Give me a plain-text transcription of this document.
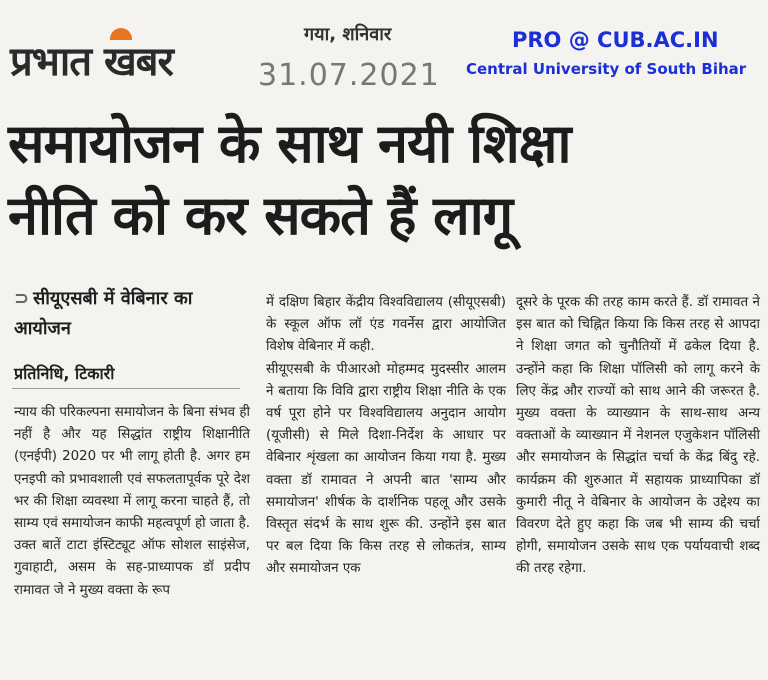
प्रभात खबर
गया, शनिवार
31.07.2021
PRO @ CUB.AC.IN
Central University of South Bihar
समायोजन के साथ नयी शिक्षा
नीति को कर सकते हैं लागू
⊃ सीयूएसबी में वेबिनार का आयोजन
प्रतिनिधि, टिकारी
न्याय की परिकल्पना समायोजन के बिना संभव ही नहीं है और यह सिद्धांत राष्ट्रीय शिक्षानीति (एनईपी) 2020 पर भी लागू होती है. अगर हम एनइपी को प्रभावशाली एवं सफलतापूर्वक पूरे देश भर की शिक्षा व्यवस्था में लागू करना चाहते हैं, तो साम्य एवं समायोजन काफी महत्वपूर्ण हो जाता है. उक्त बातें टाटा इंस्टिट्यूट ऑफ सोशल साइंसेज, गुवाहाटी, असम के सह-प्राध्यापक डॉ प्रदीप रामावत जे ने मुख्य वक्ता के रूप
में दक्षिण बिहार केंद्रीय विश्वविद्यालय (सीयूएसबी) के स्कूल ऑफ लॉ एंड गवर्नेस द्वारा आयोजित विशेष वेबिनार में कही.
सीयूएसबी के पीआरओ मोहम्मद मुदस्सीर आलम ने बताया कि विवि द्वारा राष्ट्रीय शिक्षा नीति के एक वर्ष पूरा होने पर विश्वविद्यालय अनुदान आयोग (यूजीसी) से मिले दिशा-निर्देश के आधार पर वेबिनार शृंखला का आयोजन किया गया है. मुख्य वक्ता डॉ रामावत ने अपनी बात 'साम्य और समायोजन' शीर्षक के दार्शनिक पहलू और उसके विस्तृत संदर्भ के साथ शुरू की. उन्होंने इस बात पर बल दिया कि किस तरह से लोकतंत्र, साम्य और समायोजन एक
दूसरे के पूरक की तरह काम करते हैं. डॉ रामावत ने इस बात को चिह्नित किया कि किस तरह से आपदा ने शिक्षा जगत को चुनौतियों में ढकेल दिया है. उन्होंने कहा कि शिक्षा पॉलिसी को लागू करने के लिए केंद्र और राज्यों को साथ आने की जरूरत है. मुख्य वक्ता के व्याख्यान के साथ-साथ अन्य वक्ताओं के व्याख्यान में नेशनल एजुकेशन पॉलिसी और समायोजन के सिद्धांत चर्चा के केंद्र बिंदु रहे. कार्यक्रम की शुरुआत में सहायक प्राध्यापिका डॉ कुमारी नीतू ने वेबिनार के आयोजन के उद्देश्य का विवरण देते हुए कहा कि जब भी साम्य की चर्चा होगी, समायोजन उसके साथ एक पर्यायवाची शब्द की तरह रहेगा.
